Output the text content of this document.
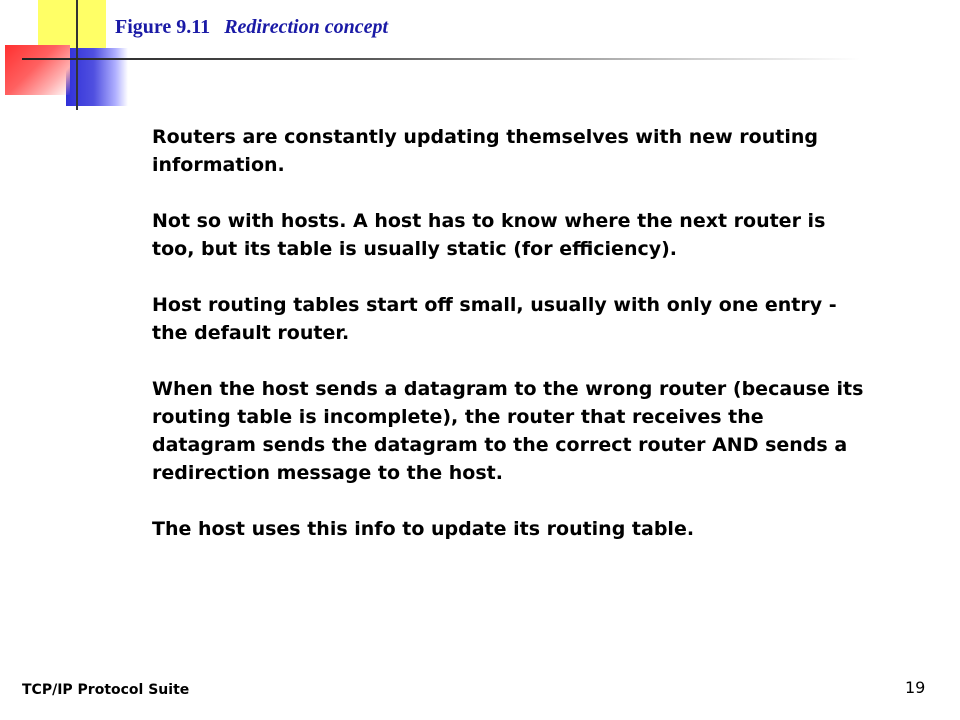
Figure 9.11 Redirection concept

Routers are constantly updating themselves with new routing information.

Not so with hosts. A host has to know where the next router is too, but its table is usually static (for efficiency).

Host routing tables start off small, usually with only one entry - the default router.

When the host sends a datagram to the wrong router (because its routing table is incomplete), the router that receives the datagram sends the datagram to the correct router AND sends a redirection message to the host.

The host uses this info to update its routing table.

TCP/IP Protocol Suite	19
